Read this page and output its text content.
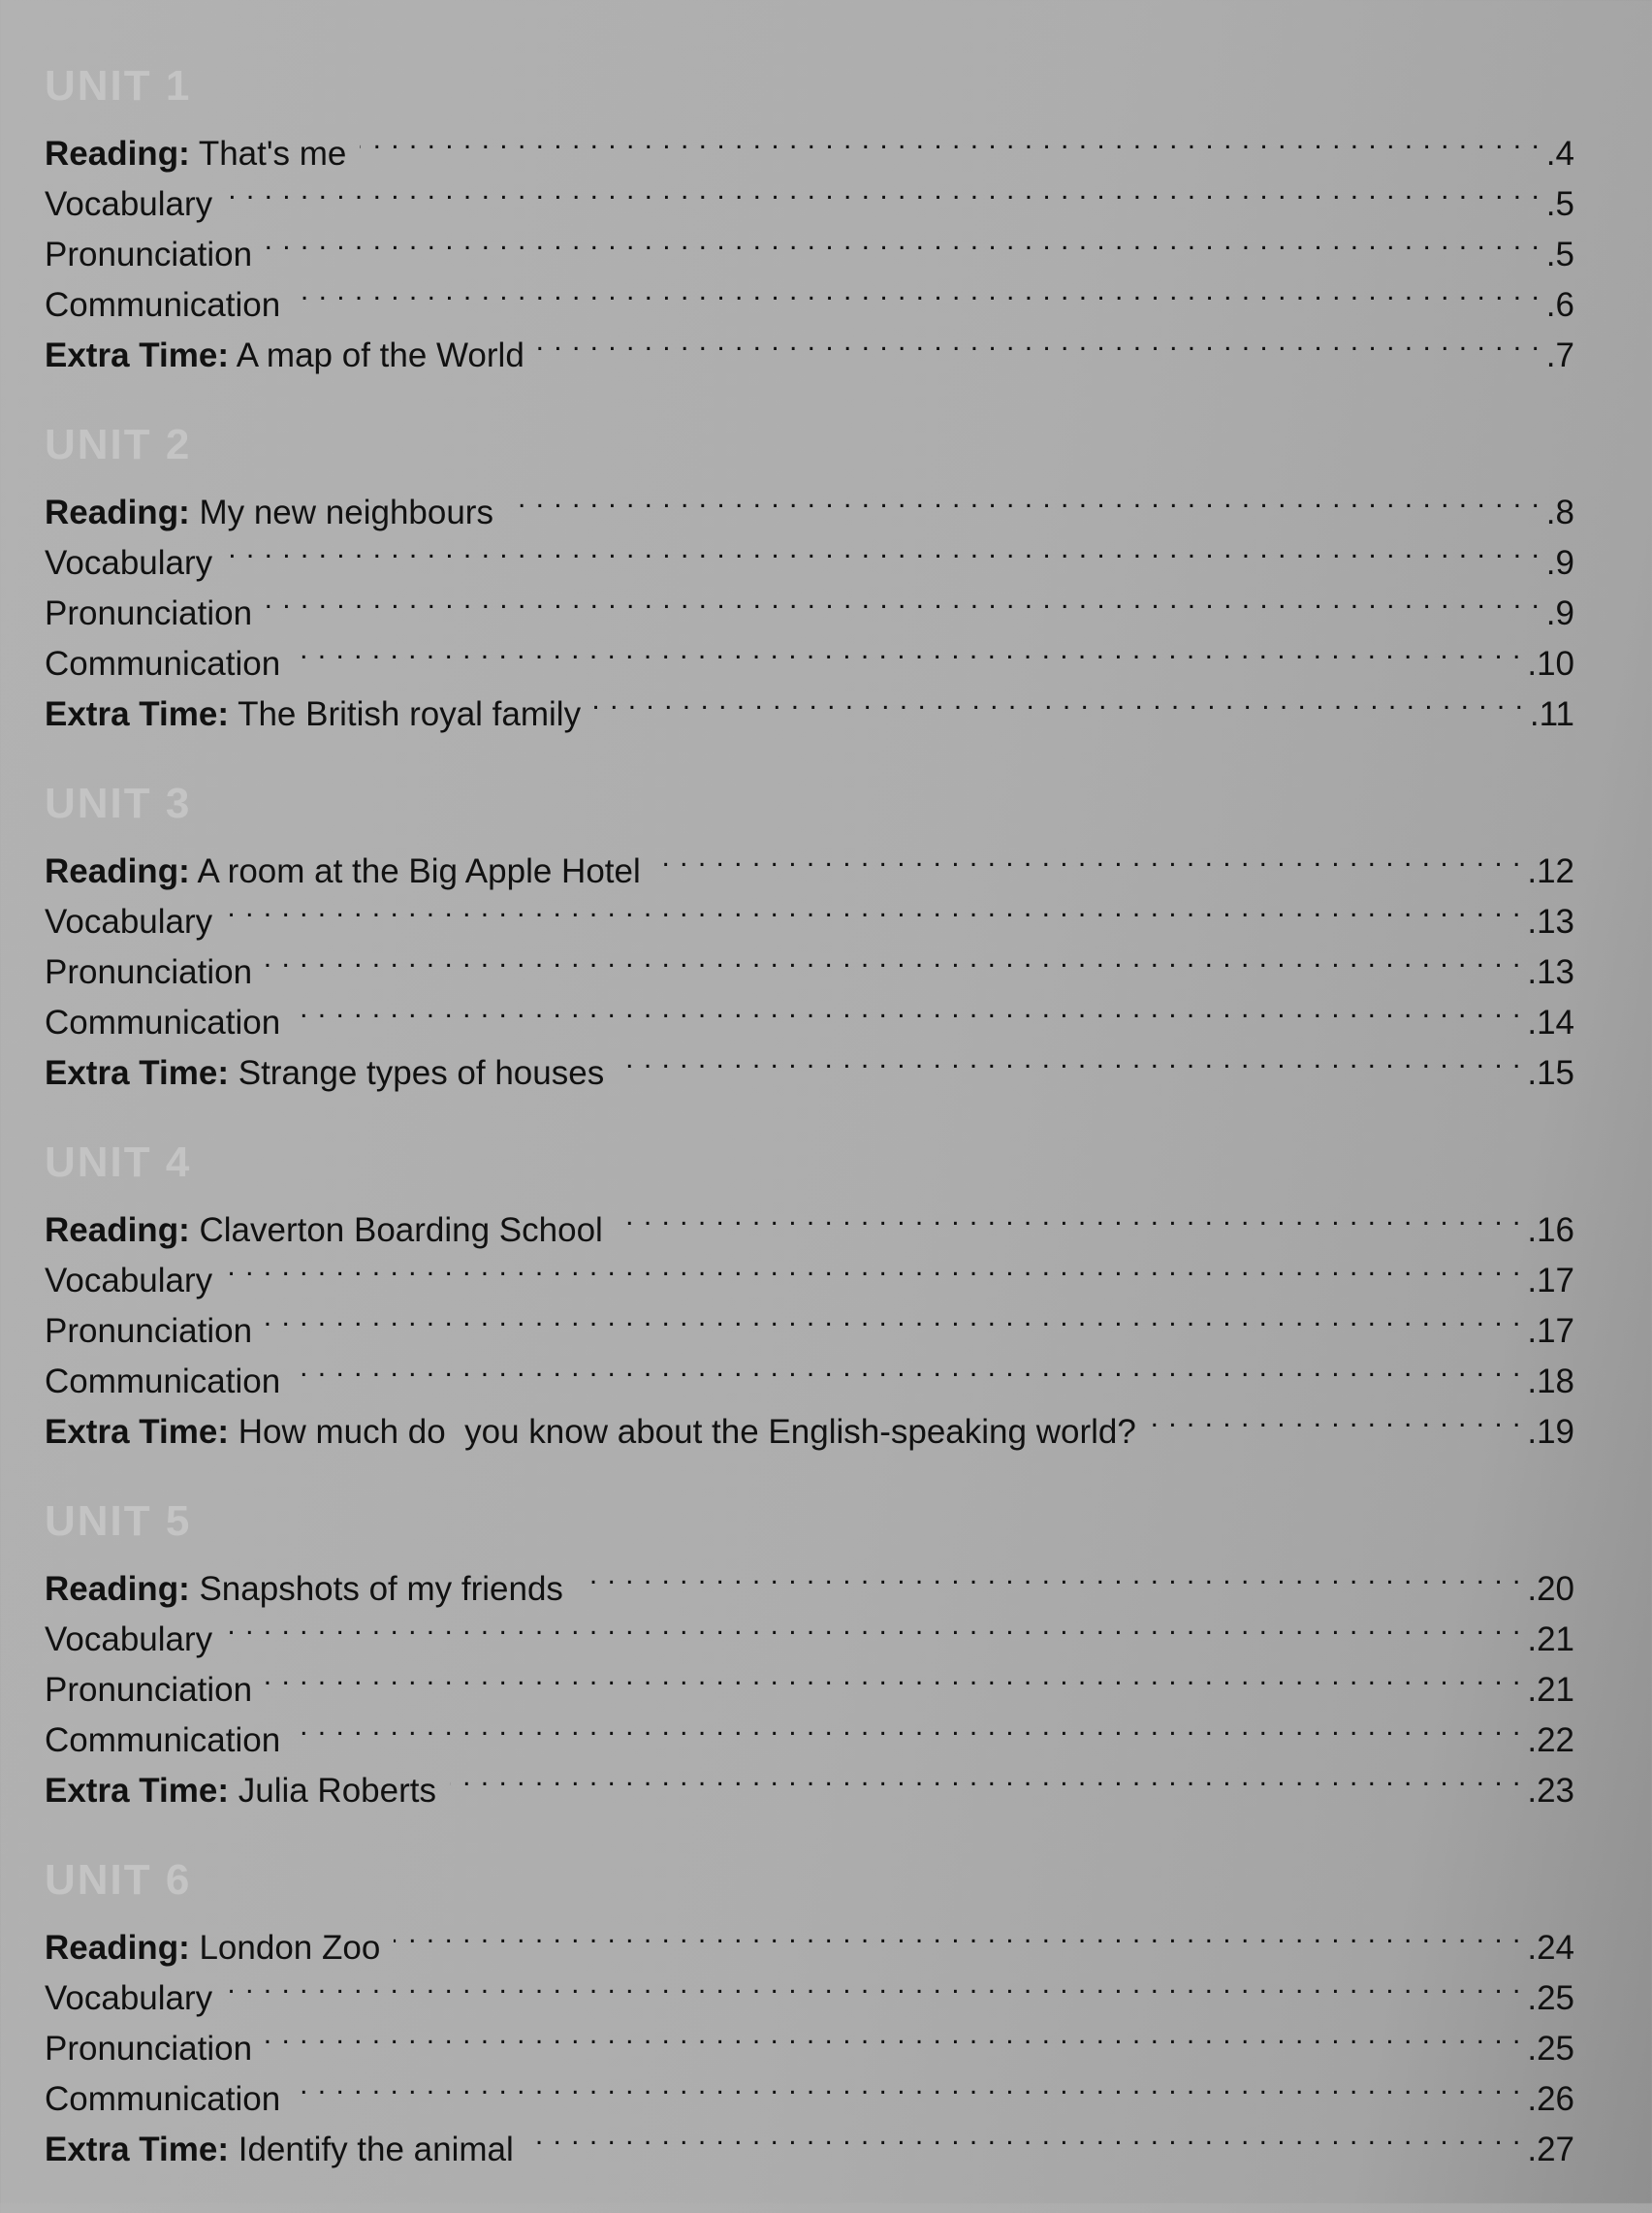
UNIT 1
Reading: That's me . . .	. 4
Vocabulary . . .	. 5
Pronunciation . . .	. 5
Communication . . .	. 6
Extra Time: A map of the World . . .	. 7
UNIT 2
Reading: My new neighbours . . .	. 8
Vocabulary . . .	. 9
Pronunciation . . .	. 9
Communication . . .	. 10
Extra Time: The British royal family . . .	. 11
UNIT 3
Reading: A room at the Big Apple Hotel . . .	. 12
Vocabulary . . .	. 13
Pronunciation . . .	. 13
Communication . . .	. 14
Extra Time: Strange types of houses . . .	. 15
UNIT 4
Reading: Claverton Boarding School . . .	. 16
Vocabulary . . .	. 17
Pronunciation . . .	. 17
Communication . . .	. 18
Extra Time: How much do  you know about the English-speaking world? . . .	. 19
UNIT 5
Reading: Snapshots of my friends . . .	. 20
Vocabulary . . .	. 21
Pronunciation . . .	. 21
Communication . . .	. 22
Extra Time: Julia Roberts . . .	. 23
UNIT 6
Reading: London Zoo . . .	. 24
Vocabulary . . .	. 25
Pronunciation . . .	. 25
Communication . . .	. 26
Extra Time: Identify the animal . . .	. 27
